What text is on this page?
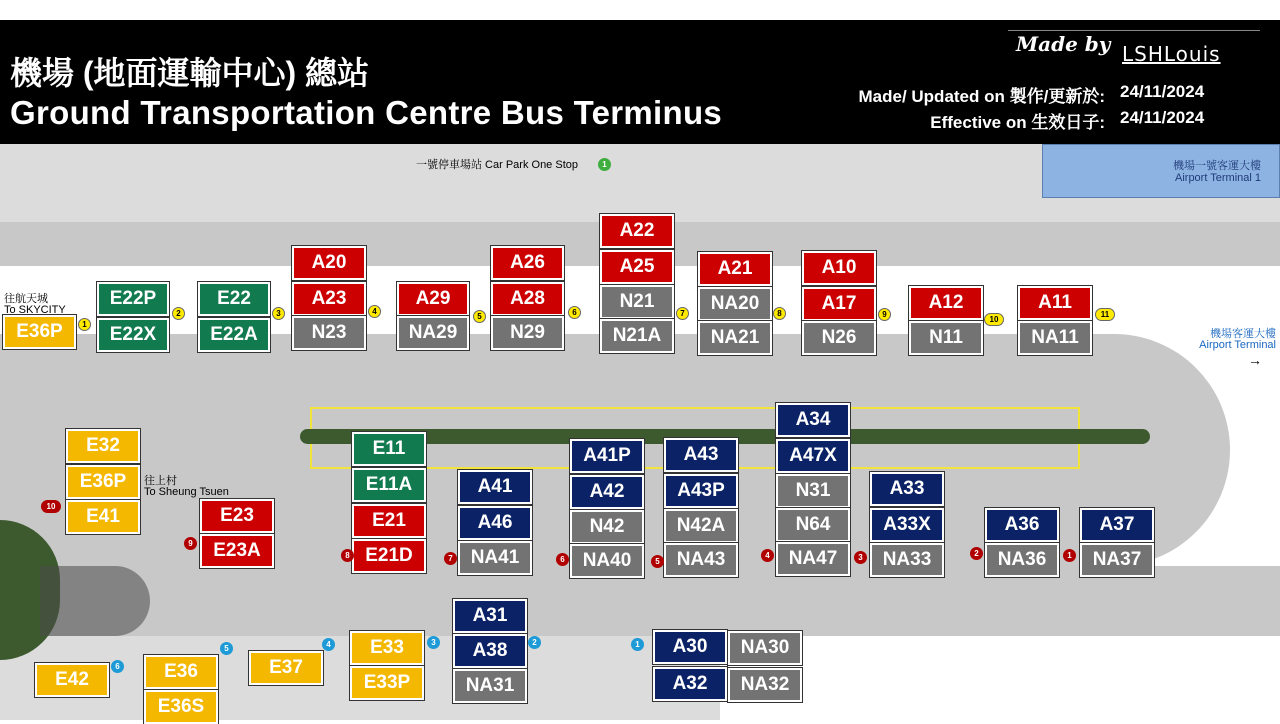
機場 (地面運輸中心) 總站
Ground Transportation Centre Bus Terminus
Made by LSHLouis
Made/ Updated on 製作/更新於: 24/11/2024
Effective on 生效日子: 24/11/2024
機場一號客運大樓
Airport Terminal 1
一號停車場站 Car Park One Stop	1
往航天城
To SKYCITY
機場客運大樓
Airport Terminal
→
往上村
To Sheung Tsuen
E36P	1
E22P
E22X
2
E22
E22A
3
A20
A23
N23
4
A29
NA29
5
A26
A28
N29
6
A22
A25
N21
N21A
7
A21
NA20
NA21
8
A10
A17
N26
9
A12
N11
10
A11
NA11
11
E32
E36P
E41
10	E23
E23A
9
E11
E11A
E21
E21D
8
A41
A46
NA41
7
A41P
A42
N42
NA40
6
A43
A43P
N42A
NA43
5
A34
A47X
N31
N64
NA47
4
A33
A33X
NA33
3
A36
NA36
2
A37
NA37
1
E42
6	E36
E36S
5
E37
4	E33
E33P
3
A31
A38
NA31
2	1	A30
A32
NA30
NA32
